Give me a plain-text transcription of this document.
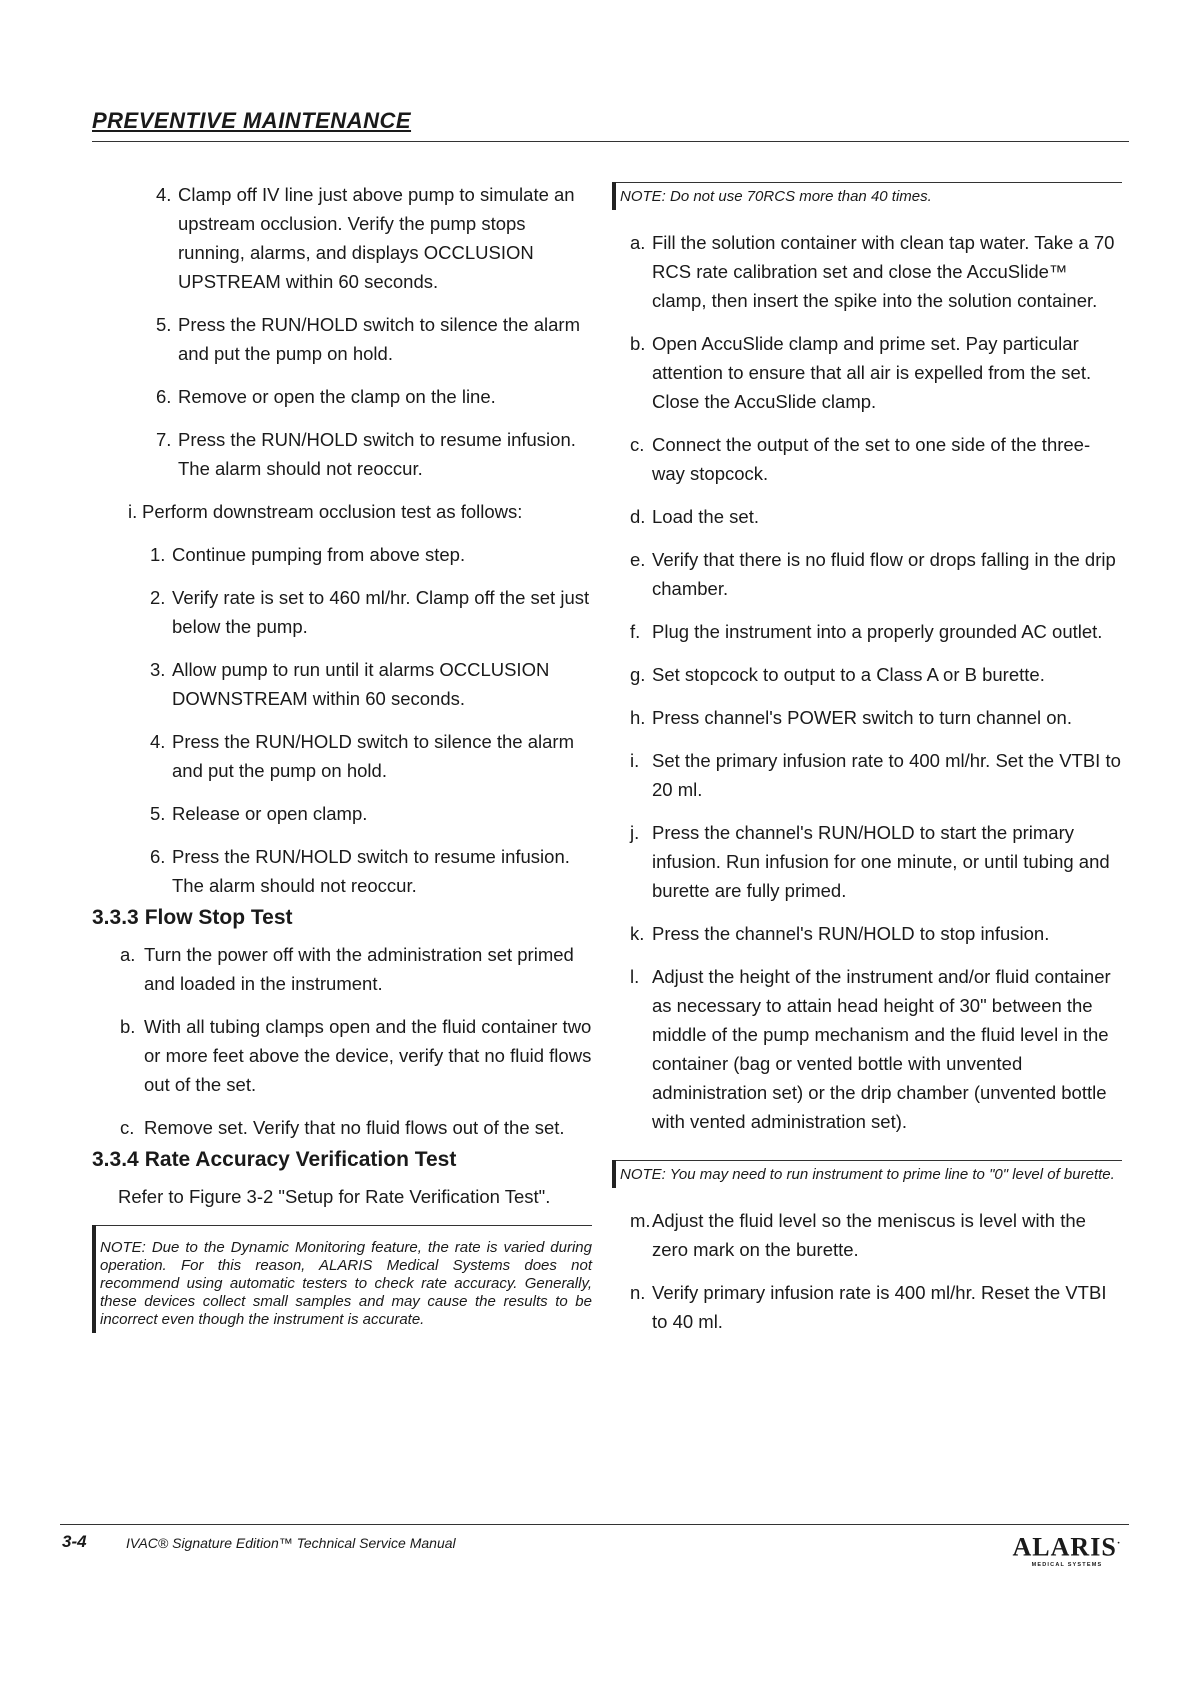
PREVENTIVE MAINTENANCE
4. Clamp off IV line just above pump to simulate an upstream occlusion. Verify the pump stops running, alarms, and displays OCCLUSION UPSTREAM within 60 seconds.
5. Press the RUN/HOLD switch to silence the alarm and put the pump on hold.
6. Remove or open the clamp on the line.
7. Press the RUN/HOLD switch to resume infusion. The alarm should not reoccur.
i. Perform downstream occlusion test as follows:
1. Continue pumping from above step.
2. Verify rate is set to 460 ml/hr. Clamp off the set just below the pump.
3. Allow pump to run until it alarms OCCLUSION DOWNSTREAM within 60 seconds.
4. Press the RUN/HOLD switch to silence the alarm and put the pump on hold.
5. Release or open clamp.
6. Press the RUN/HOLD switch to resume infusion. The alarm should not reoccur.
3.3.3 Flow Stop Test
a. Turn the power off with the administration set primed and loaded in the instrument.
b. With all tubing clamps open and the fluid container two or more feet above the device, verify that no fluid flows out of the set.
c. Remove set. Verify that no fluid flows out of the set.
3.3.4 Rate Accuracy Verification Test
Refer to Figure 3-2 "Setup for Rate Verification Test".
NOTE: Due to the Dynamic Monitoring feature, the rate is varied during operation. For this reason, ALARIS Medical Systems does not recommend using automatic testers to check rate accuracy. Generally, these devices collect small samples and may cause the results to be incorrect even though the instrument is accurate.
NOTE: Do not use 70RCS more than 40 times.
a. Fill the solution container with clean tap water. Take a 70 RCS rate calibration set and close the AccuSlide™ clamp, then insert the spike into the solution container.
b. Open AccuSlide clamp and prime set. Pay particular attention to ensure that all air is expelled from the set. Close the AccuSlide clamp.
c. Connect the output of the set to one side of the three-way stopcock.
d. Load the set.
e. Verify that there is no fluid flow or drops falling in the drip chamber.
f. Plug the instrument into a properly grounded AC outlet.
g. Set stopcock to output to a Class A or B burette.
h. Press channel's POWER switch to turn channel on.
i. Set the primary infusion rate to 400 ml/hr. Set the VTBI to 20 ml.
j. Press the channel's RUN/HOLD to start the primary infusion. Run infusion for one minute, or until tubing and burette are fully primed.
k. Press the channel's RUN/HOLD to stop infusion.
l. Adjust the height of the instrument and/or fluid container as necessary to attain head height of 30" between the middle of the pump mechanism and the fluid level in the container (bag or vented bottle with unvented administration set) or the drip chamber (unvented bottle with vented administration set).
NOTE: You may need to run instrument to prime line to "0" level of burette.
m. Adjust the fluid level so the meniscus is level with the zero mark on the burette.
n. Verify primary infusion rate is 400 ml/hr. Reset the VTBI to 40 ml.
3-4	IVAC® Signature Edition™ Technical Service Manual	ALARIS·
MEDICAL SYSTEMS
